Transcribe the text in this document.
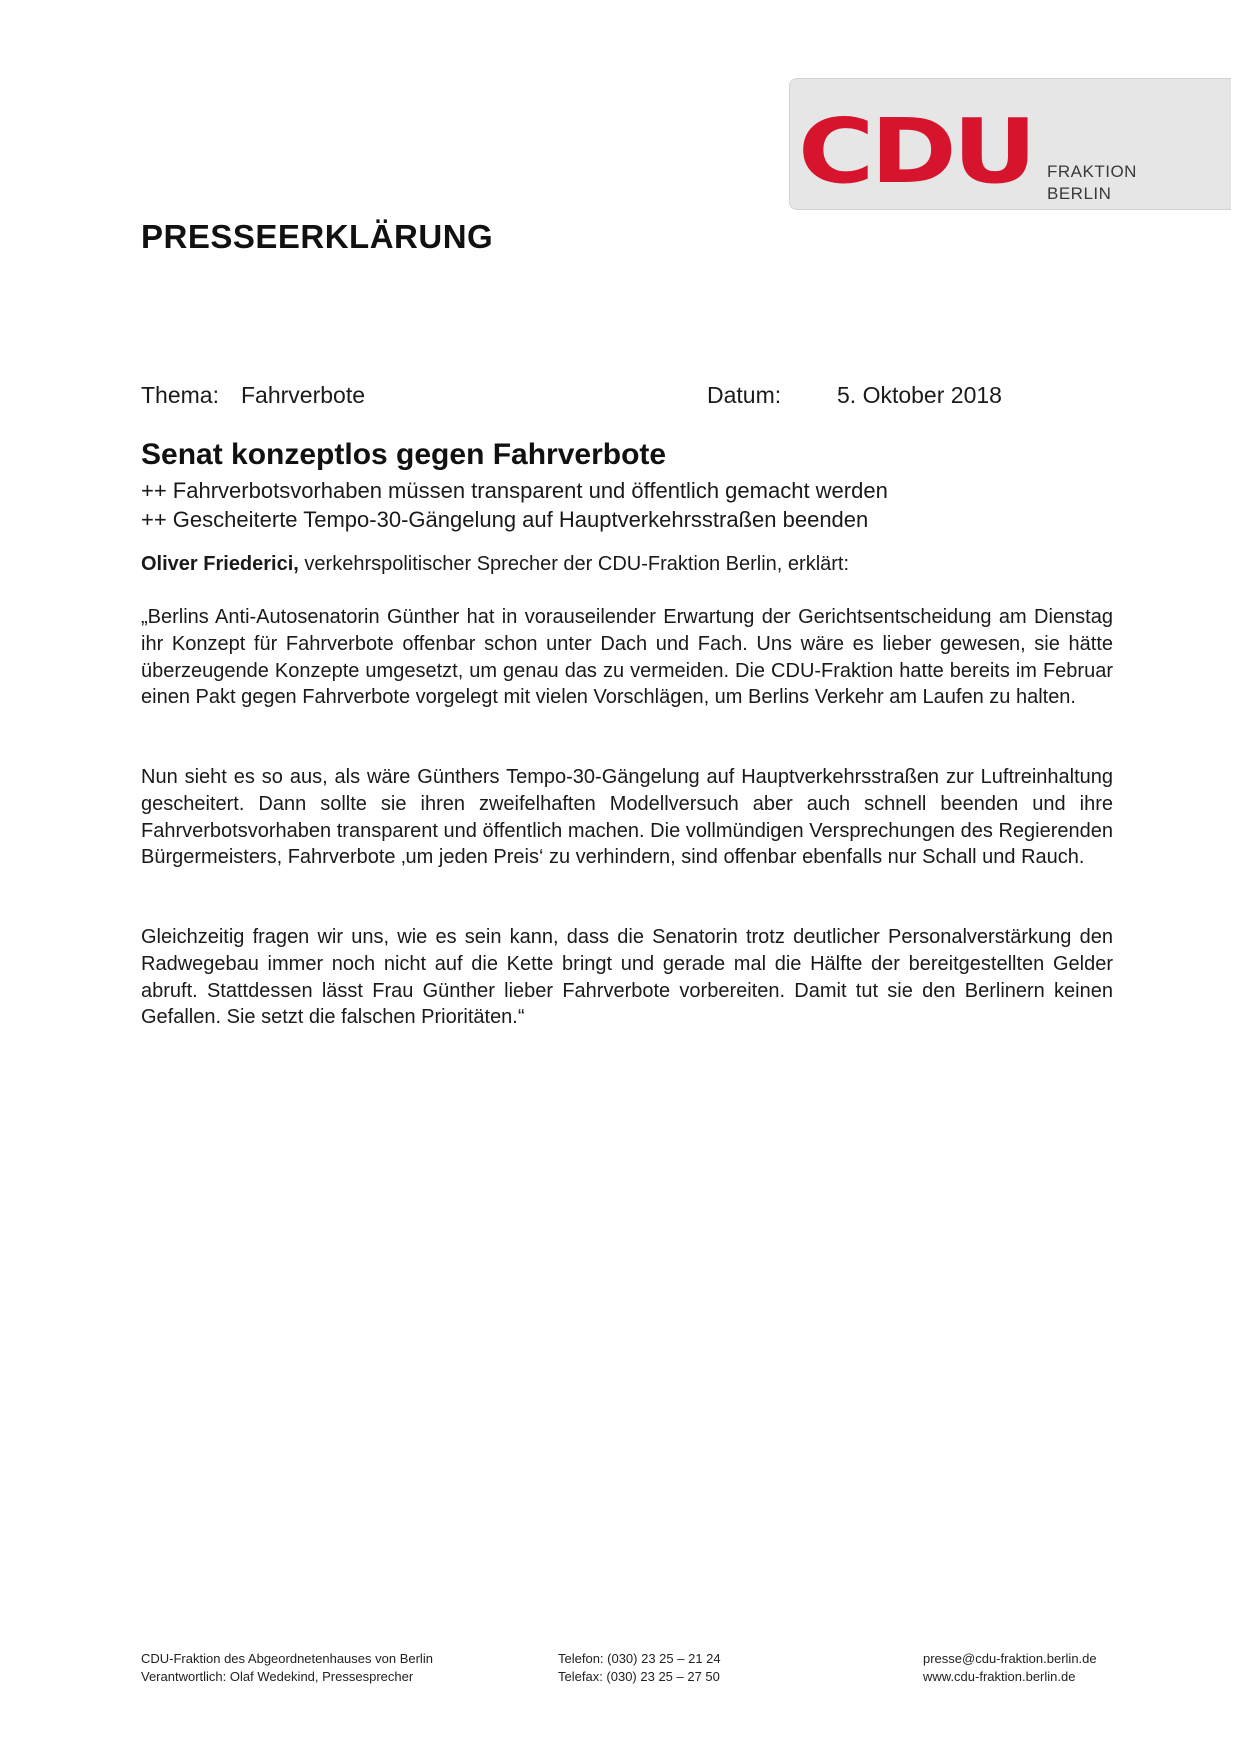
CDU FRAKTION
BERLIN
PRESSEERKLÄRUNG
Thema: Fahrverbote	Datum: 5. Oktober 2018
Senat konzeptlos gegen Fahrverbote
++ Fahrverbotsvorhaben müssen transparent und öffentlich gemacht werden
++ Gescheiterte Tempo-30-Gängelung auf Hauptverkehrsstraßen beenden
Oliver Friederici, verkehrspolitischer Sprecher der CDU-Fraktion Berlin, erklärt:

„Berlins Anti-Autosenatorin Günther hat in vorauseilender Erwartung der Gerichtsentscheidung am Dienstag ihr Konzept für Fahrverbote offenbar schon unter Dach und Fach. Uns wäre es lieber gewesen, sie hätte überzeugende Konzepte umgesetzt, um genau das zu vermeiden. Die CDU-Fraktion hatte bereits im Februar einen Pakt gegen Fahrverbote vorgelegt mit vielen Vorschlägen, um Berlins Verkehr am Laufen zu halten.

Nun sieht es so aus, als wäre Günthers Tempo-30-Gängelung auf Hauptverkehrsstraßen zur Luftreinhaltung gescheitert. Dann sollte sie ihren zweifelhaften Modellversuch aber auch schnell beenden und ihre Fahrverbotsvorhaben transparent und öffentlich machen. Die vollmündigen Versprechungen des Regierenden Bürgermeisters, Fahrverbote ‚um jeden Preis‘ zu verhindern, sind offenbar ebenfalls nur Schall und Rauch.

Gleichzeitig fragen wir uns, wie es sein kann, dass die Senatorin trotz deutlicher Personalverstärkung den Radwegebau immer noch nicht auf die Kette bringt und gerade mal die Hälfte der bereitgestellten Gelder abruft. Stattdessen lässt Frau Günther lieber Fahrverbote vorbereiten. Damit tut sie den Berlinern keinen Gefallen. Sie setzt die falschen Prioritäten.“

CDU-Fraktion des Abgeordnetenhauses von Berlin
Verantwortlich: Olaf Wedekind, Pressesprecher
Telefon: (030) 23 25 – 21 24
Telefax: (030) 23 25 – 27 50
presse@cdu-fraktion.berlin.de
www.cdu-fraktion.berlin.de
